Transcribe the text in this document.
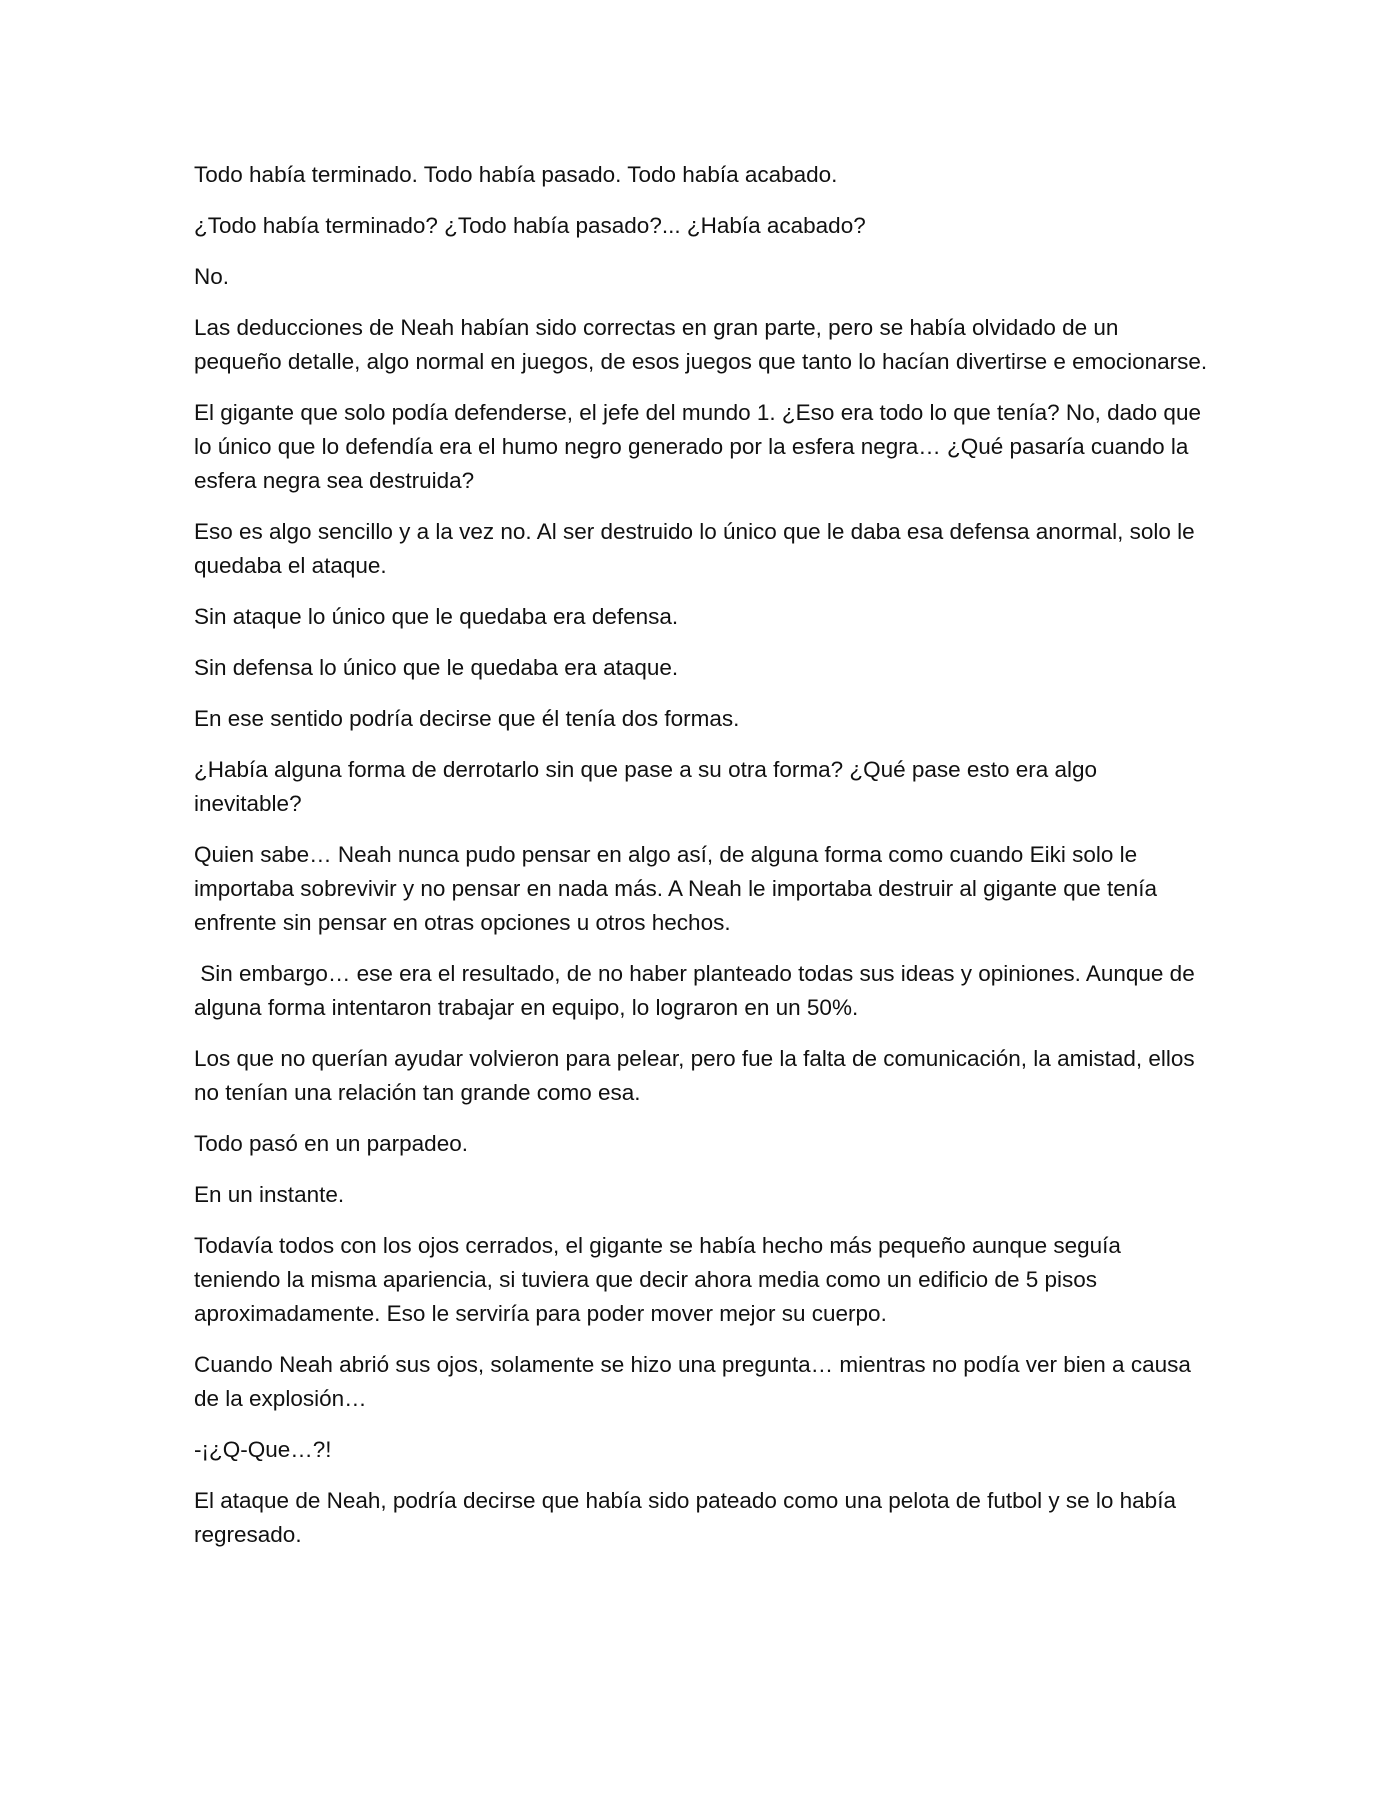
Todo había terminado. Todo había pasado. Todo había acabado.

¿Todo había terminado? ¿Todo había pasado?... ¿Había acabado?

No.

Las deducciones de Neah habían sido correctas en gran parte, pero se había olvidado de un pequeño detalle, algo normal en juegos, de esos juegos que tanto lo hacían divertirse e emocionarse.

El gigante que solo podía defenderse, el jefe del mundo 1. ¿Eso era todo lo que tenía? No, dado que lo único que lo defendía era el humo negro generado por la esfera negra… ¿Qué pasaría cuando la esfera negra sea destruida?

Eso es algo sencillo y a la vez no. Al ser destruido lo único que le daba esa defensa anormal, solo le quedaba el ataque.

Sin ataque lo único que le quedaba era defensa.

Sin defensa lo único que le quedaba era ataque.

En ese sentido podría decirse que él tenía dos formas.

¿Había alguna forma de derrotarlo sin que pase a su otra forma? ¿Qué pase esto era algo inevitable?

Quien sabe… Neah nunca pudo pensar en algo así, de alguna forma como cuando Eiki solo le importaba sobrevivir y no pensar en nada más. A Neah le importaba destruir al gigante que tenía enfrente sin pensar en otras opciones u otros hechos.

Sin embargo… ese era el resultado, de no haber planteado todas sus ideas y opiniones. Aunque de alguna forma intentaron trabajar en equipo, lo lograron en un 50%.

Los que no querían ayudar volvieron para pelear, pero fue la falta de comunicación, la amistad, ellos no tenían una relación tan grande como esa.

Todo pasó en un parpadeo.

En un instante.

Todavía todos con los ojos cerrados, el gigante se había hecho más pequeño aunque seguía teniendo la misma apariencia, si tuviera que decir ahora media como un edificio de 5 pisos aproximadamente. Eso le serviría para poder mover mejor su cuerpo.

Cuando Neah abrió sus ojos, solamente se hizo una pregunta… mientras no podía ver bien a causa de la explosión…

-¡¿Q-Que…?!

El ataque de Neah, podría decirse que había sido pateado como una pelota de futbol y se lo había regresado.
